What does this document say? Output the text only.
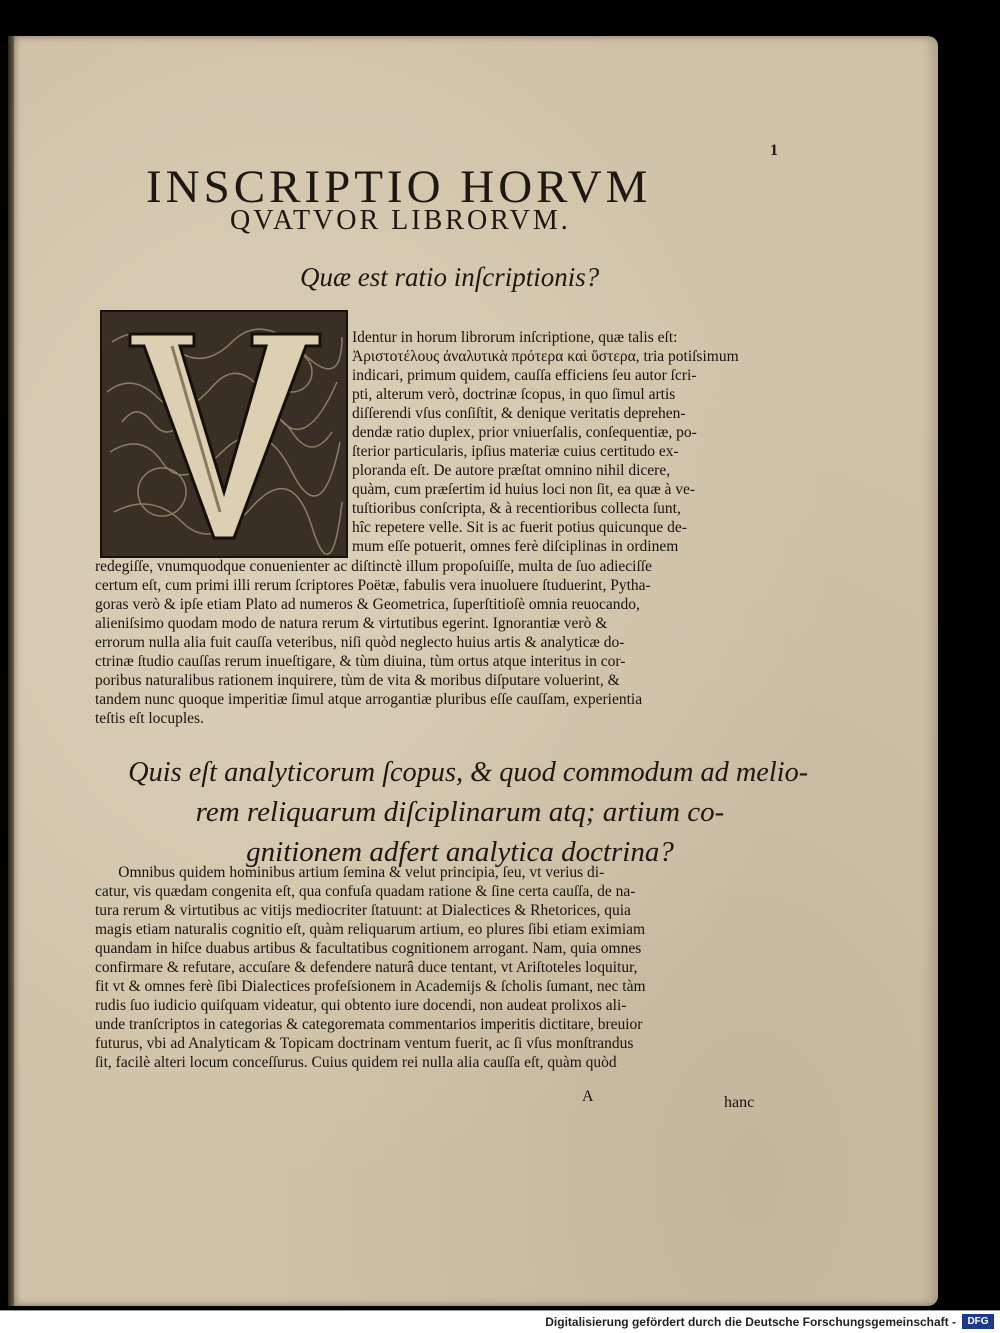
1
INSCRIPTIO HORVM
QVATVOR LIBRORVM.
Quæ est ratio inſcriptionis?
Identur in horum librorum inſcriptione, quæ talis eſt:
Ἀριστοτέλους ἀναλυτικὰ πρότερα καὶ ὕστερα, tria potiſsimum
indicari, primum quidem, cauſſa efficiens ſeu autor ſcri-
pti, alterum verò, doctrinæ ſcopus, in quo ſimul artis
diſſerendi vſus conſiſtit, & denique veritatis deprehen-
dendæ ratio duplex, prior vniuerſalis, conſequentiæ, po-
ſterior particularis, ipſius materiæ cuius certitudo ex-
ploranda eſt. De autore præſtat omnino nihil dicere,
quàm, cum præſertim id huius loci non ſit, ea quæ à ve-
tuſtioribus conſcripta, & à recentioribus collecta ſunt,
hîc repetere velle. Sit is ac fuerit potius quicunque de-
mum eſſe potuerit, omnes ferè diſciplinas in ordinem
redegiſſe, vnumquodque conuenienter ac diſtinctè illum propoſuiſſe, multa de ſuo adieciſſe
certum eſt, cum primi illi rerum ſcriptores Poëtæ, fabulis vera inuoluere ſtuduerint, Pytha-
goras verò & ipſe etiam Plato ad numeros & Geometrica, ſuperſtitioſè omnia reuocando,
alieniſsimo quodam modo de natura rerum & virtutibus egerint. Ignorantiæ verò &
errorum nulla alia fuit cauſſa veteribus, niſi quòd neglecto huius artis & analyticæ do-
ctrinæ ſtudio cauſſas rerum inueſtigare, & tùm diuina, tùm ortus atque interitus in cor-
poribus naturalibus rationem inquirere, tùm de vita & moribus diſputare voluerint, &
tandem nunc quoque imperitiæ ſimul atque arrogantiæ pluribus eſſe cauſſam, experientia
teſtis eſt locuples.
Quis eſt analyticorum ſcopus, & quod commodum ad melio-
rem reliquarum diſciplinarum atq; artium co-
gnitionem adfert analytica doctrina?
Omnibus quidem hominibus artium ſemina & velut principia, ſeu, vt verius di-
catur, vis quædam congenita eſt, qua confuſa quadam ratione & ſine certa cauſſa, de na-
tura rerum & virtutibus ac vitijs mediocriter ſtatuunt: at Dialectices & Rhetorices, quia
magis etiam naturalis cognitio eſt, quàm reliquarum artium, eo plures ſibi etiam eximiam
quandam in hiſce duabus artibus & facultatibus cognitionem arrogant. Nam, quia omnes
confirmare & refutare, accuſare & defendere naturâ duce tentant, vt Ariſtoteles loquitur,
fit vt & omnes ferè ſibi Dialectices profeſsionem in Academijs & ſcholis ſumant, nec tàm
rudis ſuo iudicio quiſquam videatur, qui obtento iure docendi, non audeat prolixos ali-
unde tranſcriptos in categorias & categoremata commentarios imperitis dictitare, breuior
futurus, vbi ad Analyticam & Topicam doctrinam ventum fuerit, ac ſi vſus monſtrandus
ſit, facilè alteri locum conceſſurus. Cuius quidem rei nulla alia cauſſa eſt, quàm quòd
A	hanc
Digitalisierung gefördert durch die Deutsche Forschungsgemeinschaft -	DFG
